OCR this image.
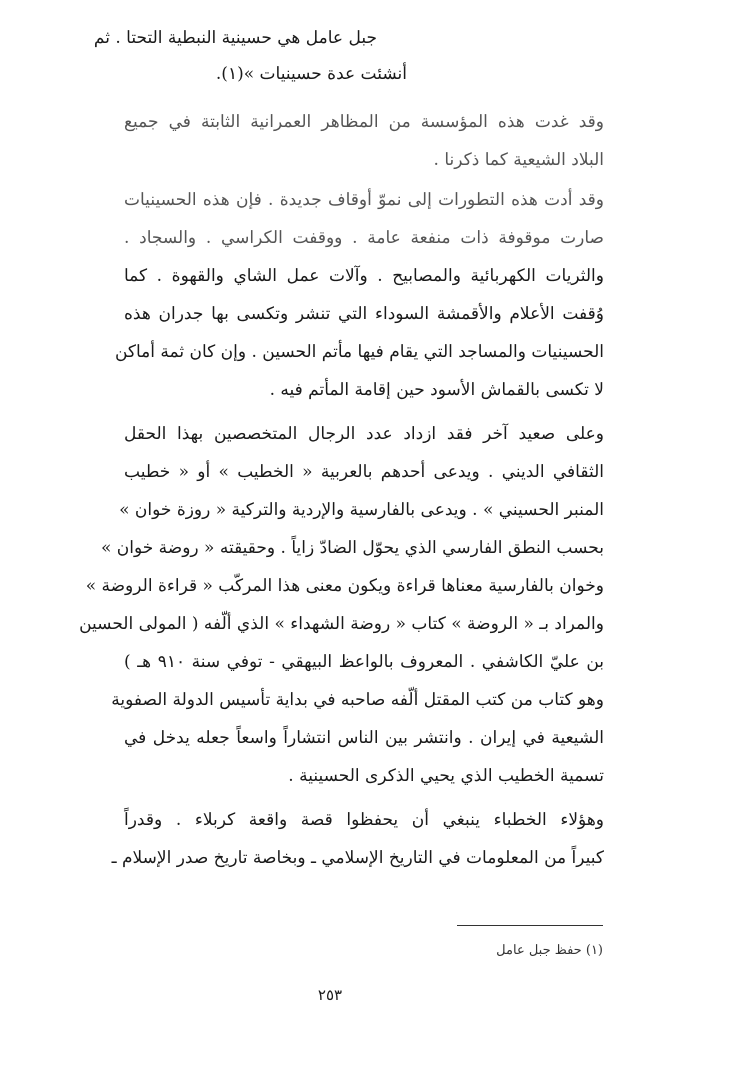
جبل عامل هي حسينية النبطية التحتا . ثم
أنشئت عدة حسينيات »(١).
وقد غدت هذه المؤسسة من المظاهر العمرانية الثابتة في جميع
البلاد الشيعية كما ذكرنا .
وقد أدت هذه التطورات إلى نموّ أوقاف جديدة . فإن هذه الحسينيات
صارت موقوفة ذات منفعة عامة . ووقفت الكراسي . والسجاد .
والثريات الكهربائية والمصابيح . وآلات عمل الشاي والقهوة . كما
وُقفت الأعلام والأقمشة السوداء التي تنشر وتكسى بها جدران هذه
الحسينيات والمساجد التي يقام فيها مأتم الحسين . وإن كان ثمة أماكن
لا تكسى بالقماش الأسود حين إقامة المأتم فيه .
وعلى صعيد آخر فقد ازداد عدد الرجال المتخصصين بهذا الحقل
الثقافي الديني . ويدعى أحدهم بالعربية « الخطيب » أو « خطيب
المنبر الحسيني » . ويدعى بالفارسية والإردية والتركية « روزة خوان »
بحسب النطق الفارسي الذي يحوّل الضادّ زاياً . وحقيقته « روضة خوان »
وخوان بالفارسية معناها قراءة ويكون معنى هذا المركّب « قراءة الروضة »
والمراد بـ « الروضة » كتاب « روضة الشهداء » الذي ألّفه ( المولى الحسين
بن عليّ الكاشفي . المعروف بالواعظ البيهقي - توفي سنة ٩١٠ هـ )
وهو كتاب من كتب المقتل ألّفه صاحبه في بداية تأسيس الدولة الصفوية
الشيعية في إيران . وانتشر بين الناس انتشاراً واسعاً جعله يدخل في
تسمية الخطيب الذي يحيي الذكرى الحسينية .
وهؤلاء الخطباء ينبغي أن يحفظوا قصة واقعة كربلاء . وقدراً
كبيراً من المعلومات في التاريخ الإسلامي ـ وبخاصة تاريخ صدر الإسلام ـ
(١) حفظ جبل عامل
٢٥٣
